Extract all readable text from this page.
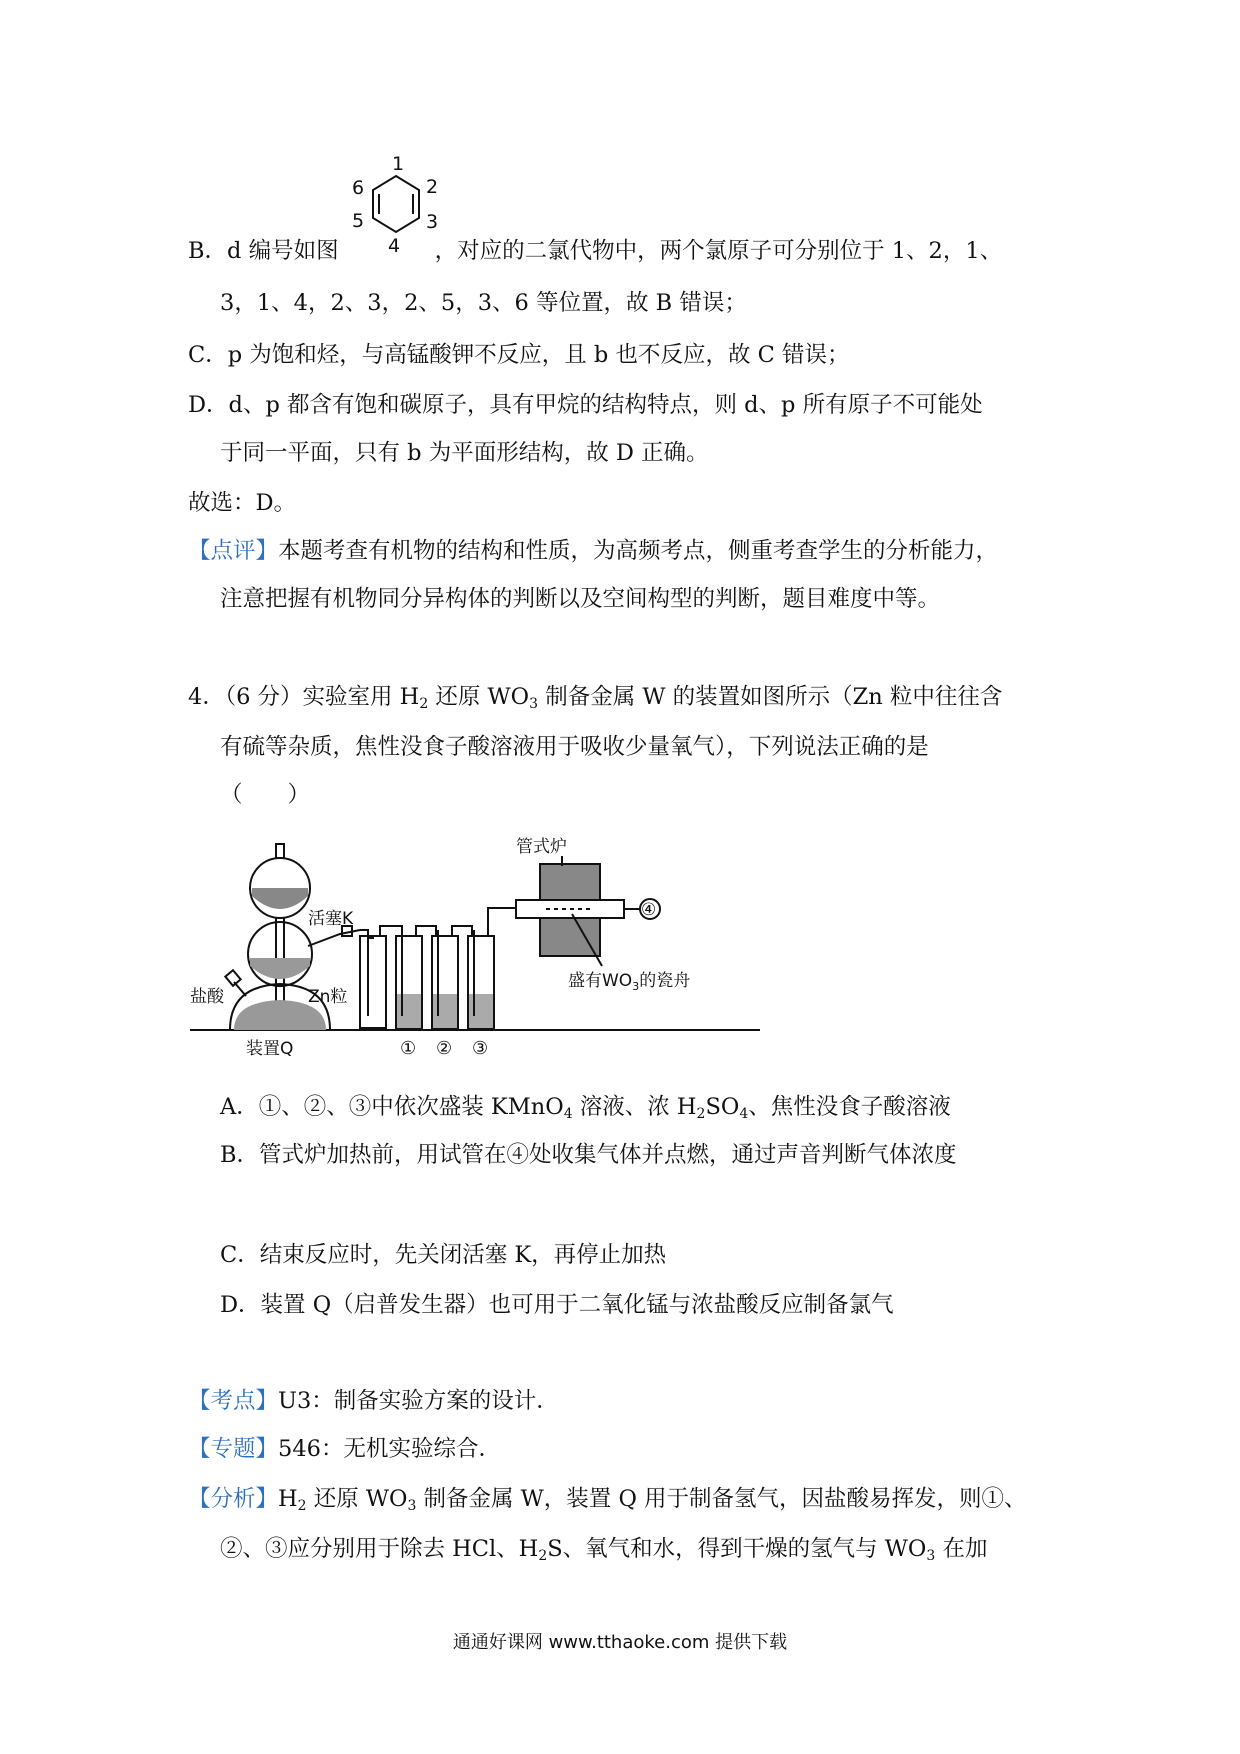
B．d 编号如图	，对应的二氯代物中，两个氯原子可分别位于 1、2，1、
1
2
3
4
5
6
3，1、4，2、3，2、5，3、6 等位置，故 B 错误；
C．p 为饱和烃，与高锰酸钾不反应，且 b 也不反应，故 C 错误；
D．d、p 都含有饱和碳原子，具有甲烷的结构特点，则 d、p 所有原子不可能处
于同一平面，只有 b 为平面形结构，故 D 正确。
故选：D。
【点评】本题考查有机物的结构和性质，为高频考点，侧重考查学生的分析能力，
注意把握有机物同分异构体的判断以及空间构型的判断，题目难度中等。
4．（6 分）实验室用 $H_2$ 还原 $WO_3$ 制备金属 W 的装置如图所示（Zn 粒中往往含
有硫等杂质，焦性没食子酸溶液用于吸收少量氧气），下列说法正确的是
（　　）
管式炉
活塞K
Zn粒
盐酸
装置Q
盛有$WO_3$的瓷舟
① ② ③
④
A．①、②、③中依次盛装 KMnO$_4$ 溶液、浓 $H_2SO_4$、焦性没食子酸溶液
B．管式炉加热前，用试管在④处收集气体并点燃，通过声音判断气体浓度
C．结束反应时，先关闭活塞 K，再停止加热
D．装置 Q（启普发生器）也可用于二氧化锰与浓盐酸反应制备氯气
【考点】U3：制备实验方案的设计．
【专题】546：无机实验综合．
【分析】$H_2$ 还原 $WO_3$ 制备金属 W，装置 Q 用于制备氢气，因盐酸易挥发，则①、
②、③应分别用于除去 HCl、$H_2S$、氧气和水，得到干燥的氢气与 $WO_3$ 在加
通通好课网 www.tthaoke.com 提供下载
